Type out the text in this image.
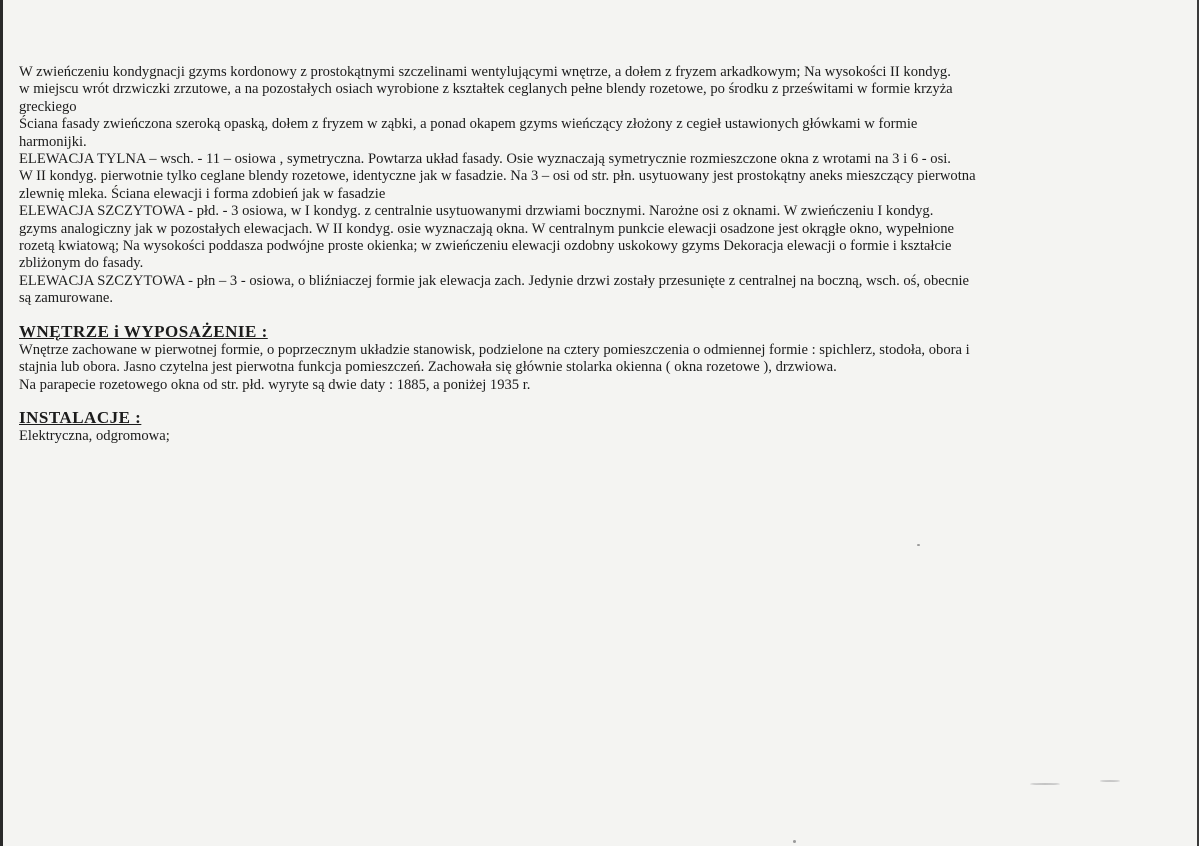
W zwieńczeniu kondygnacji gzyms kordonowy z prostokątnymi szczelinami wentylującymi wnętrze, a dołem z fryzem arkadkowym; Na wysokości II kondyg.
w miejscu wrót drzwiczki zrzutowe, a na pozostałych osiach wyrobione z kształtek ceglanych pełne blendy rozetowe, po środku z prześwitami w formie krzyża
greckiego
Ściana fasady zwieńczona szeroką opaską, dołem z fryzem w ząbki, a ponad okapem gzyms wieńczący złożony z cegieł ustawionych główkami w formie
harmonijki.
ELEWACJA TYLNA – wsch. - 11 – osiowa , symetryczna. Powtarza układ fasady. Osie wyznaczają symetrycznie rozmieszczone okna z wrotami na 3 i 6 - osi.
W II kondyg. pierwotnie tylko ceglane blendy rozetowe, identyczne jak w fasadzie. Na 3 – osi od str. płn. usytuowany jest prostokątny aneks mieszczący pierwotna
zlewnię mleka. Ściana elewacji i forma zdobień jak w fasadzie
ELEWACJA SZCZYTOWA - płd. - 3 osiowa, w I kondyg. z centralnie usytuowanymi drzwiami bocznymi. Narożne osi z oknami. W zwieńczeniu I kondyg.
gzyms analogiczny jak w pozostałych elewacjach. W II kondyg. osie wyznaczają okna. W centralnym punkcie elewacji osadzone jest okrągłe okno, wypełnione
rozetą kwiatową; Na wysokości poddasza podwójne proste okienka; w zwieńczeniu elewacji ozdobny uskokowy gzyms Dekoracja elewacji o formie i kształcie
zbliżonym do fasady.
ELEWACJA SZCZYTOWA - płn – 3 - osiowa, o bliźniaczej formie jak elewacja zach. Jedynie drzwi zostały przesunięte z centralnej na boczną, wsch. oś, obecnie
są zamurowane.
WNĘTRZE i WYPOSAŻENIE :
Wnętrze zachowane w pierwotnej formie, o poprzecznym układzie stanowisk, podzielone na cztery pomieszczenia o odmiennej formie : spichlerz, stodoła, obora i
stajnia lub obora. Jasno czytelna jest pierwotna funkcja pomieszczeń. Zachowała się głównie stolarka okienna ( okna rozetowe ), drzwiowa.
Na parapecie rozetowego okna od str. płd. wyryte są dwie daty : 1885, a poniżej 1935 r.
INSTALACJE :
Elektryczna, odgromowa;
